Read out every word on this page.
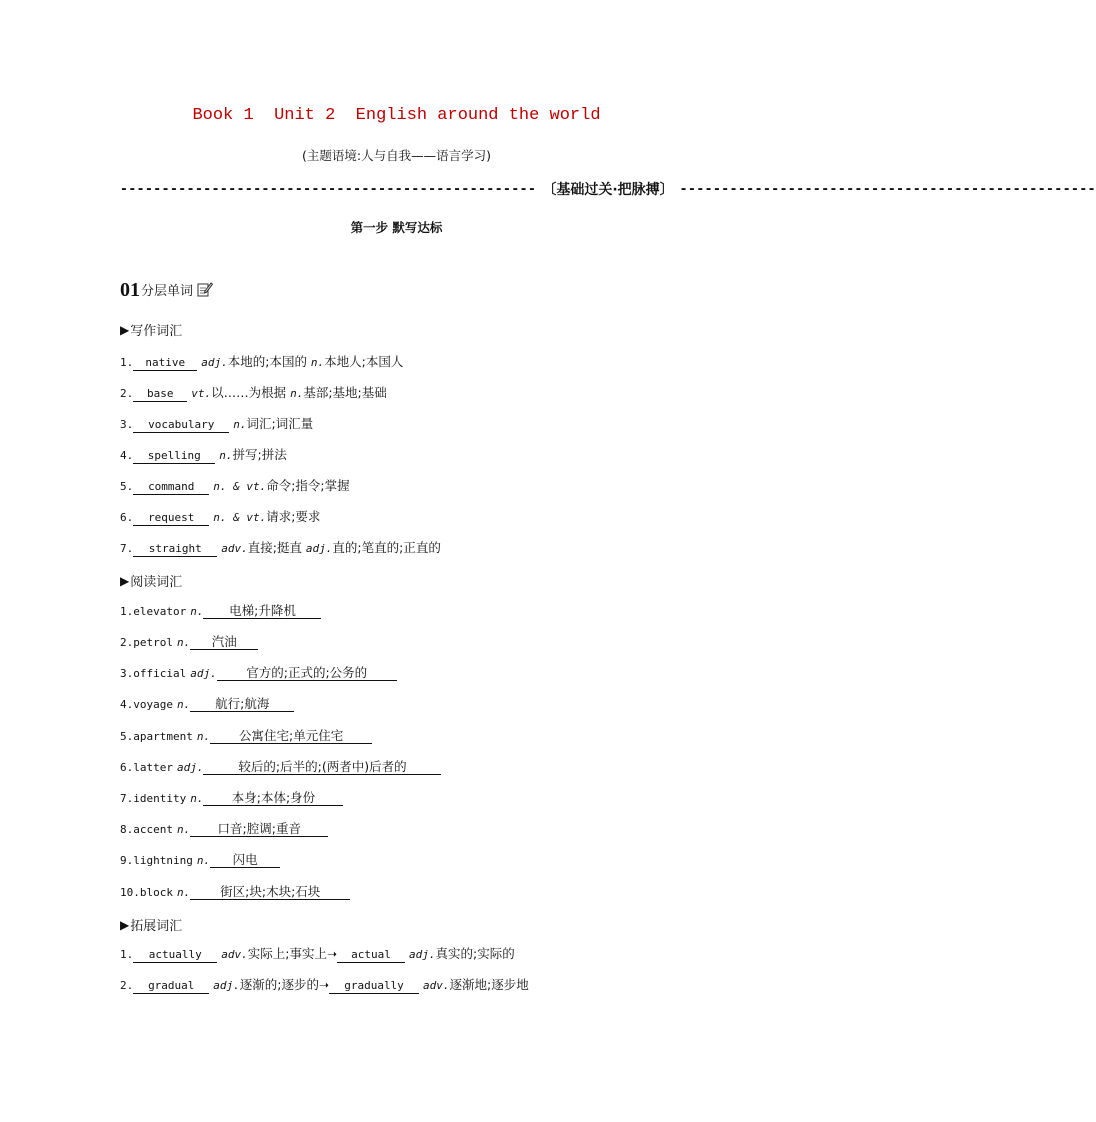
Book 1  Unit 2  English around the world
(主题语境:人与自我——语言学习)
-------------------------------------------------- 〔基础过关·把脉搏〕 --------------------------------------------------
第一步 默写达标
01 分层单词
▶ 写作词汇
1. native adj.本地的;本国的 n.本地人;本国人
2. base vt.以……为根据 n.基部;基地;基础
3. vocabulary n.词汇;词汇量
4. spelling n.拼写;拼法
5. command n. & vt.命令;指令;掌握
6. request n. & vt.请求;要求
7. straight adv.直接;挺直 adj.直的;笔直的;正直的
▶ 阅读词汇
1.elevator n. 电梯;升降机
2.petrol n. 汽油
3.official adj. 官方的;正式的;公务的
4.voyage n. 航行;航海
5.apartment n. 公寓住宅;单元住宅
6.latter adj.	较后的;后半的;(两者中)后者的
7.identity n. 本身;本体;身份
8.accent n. 口音;腔调;重音
9.lightning n. 闪电
10.block n. 街区;块;木块;石块
▶ 拓展词汇
1. actually adv.实际上;事实上➝ actual adj.真实的;实际的
2. gradual adj.逐渐的;逐步的➝ gradually adv.逐渐地;逐步地
